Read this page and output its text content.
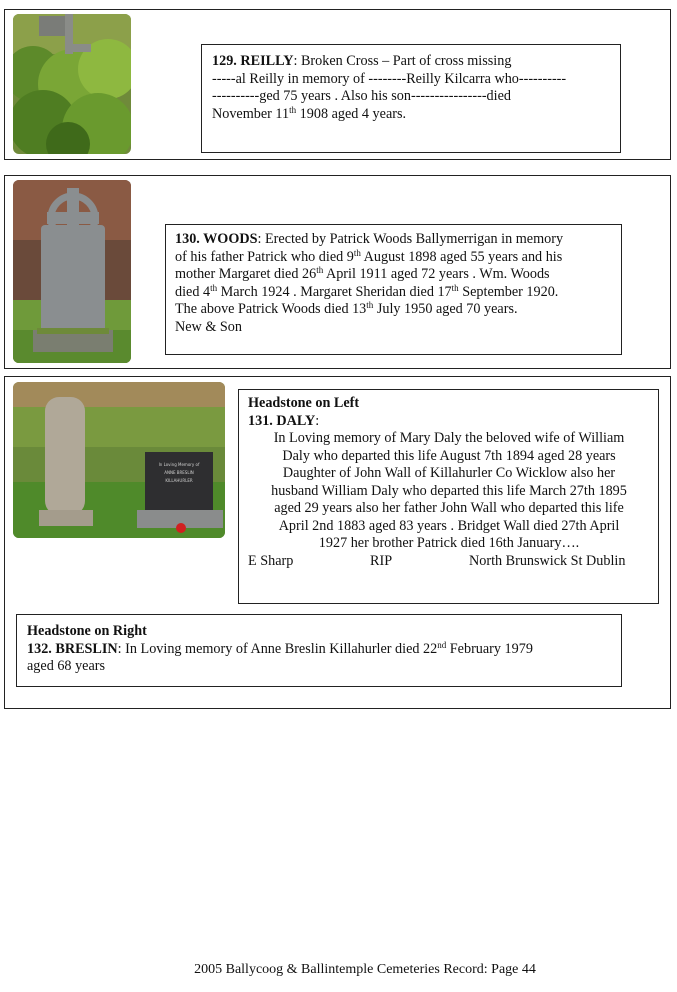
129. REILLY: Broken Cross – Part of cross missing
-----al Reilly in memory of --------Reilly Kilcarra who----------
----------ged 75 years . Also his son----------------died
November 11th 1908 aged 4 years.
130. WOODS: Erected by Patrick Woods Ballymerrigan in memory
of his father Patrick who died 9th August 1898 aged 55 years and his
mother Margaret died 26th April 1911 aged 72 years . Wm. Woods
died 4th March 1924 . Margaret Sheridan died 17th September 1920.
The above Patrick Woods died 13th July 1950 aged 70 years.
New & Son
In Loving Memory of
ANNE BRESLIN
KILLAHURLER
Headstone on Left
131. DALY:
In Loving memory of Mary Daly the beloved wife of William
Daly who departed this life August 7th 1894 aged 28 years
Daughter of John Wall of Killahurler Co Wicklow also her
husband William Daly who departed this life March 27th 1895
aged 29 years also her father John Wall who departed this life
April 2nd 1883 aged 83 years . Bridget Wall died 27th April
1927 her brother Patrick died 16th January….
E Sharp	RIP	North Brunswick St Dublin
Headstone on Right
132. BRESLIN: In Loving memory of Anne Breslin Killahurler died 22nd February 1979
aged 68 years
2005 Ballycoog & Ballintemple Cemeteries Record: Page 44
